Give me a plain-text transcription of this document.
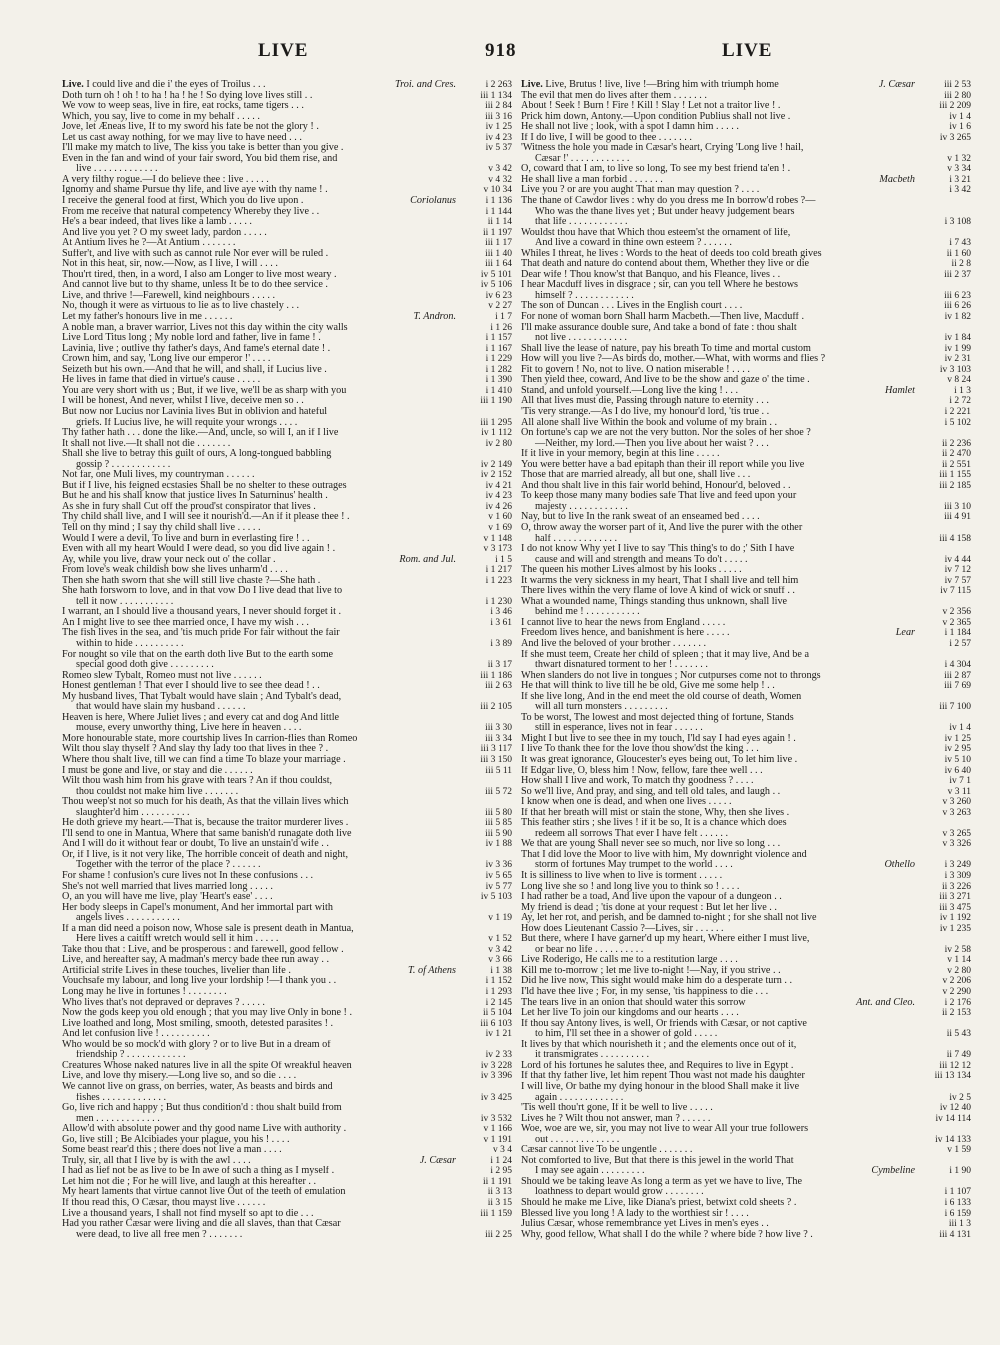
LIVE	918	LIVE
Live. I could live and die i' the eyes of Troilus . . .	Troi. and Cres.	i 2 263
Doth turn oh ! oh ! to ha ! ha ! he ! So dying love lives still . .	iii 1 134
We vow to weep seas, live in fire, eat rocks, tame tigers . . .	iii 2 84
Which, you say, live to come in my behalf . . . . .	iii 3 16
Jove, let Æneas live, If to my sword his fate be not the glory ! .	iv 1 25
Let us cast away nothing, for we may live to have need . . .	iv 4 23
I'll make my match to live, The kiss you take is better than you give .	iv 5 37
Even in the fan and wind of your fair sword, You bid them rise, and
live . . . . . . . . . . . . .	v 3 42
A very filthy rogue.—I do believe thee : live . . . . .	v 4 32
Ignomy and shame Pursue thy life, and live aye with thy name ! .	v 10 34
I receive the general food at first, Which you do live upon .	Coriolanus	i 1 136
From me receive that natural competency Whereby they live . .	i 1 144
He's a bear indeed, that lives like a lamb . . . . .	ii 1 14
And live you yet ? O my sweet lady, pardon . . . . .	ii 1 197
At Antium lives he ?—At Antium . . . . . . .	iii 1 17
Suffer't, and live with such as cannot rule Nor ever will be ruled .	iii 1 40
Not in this heat, sir, now.—Now, as I live, I will . . . .	iii 1 64
Thou'rt tired, then, in a word, I also am Longer to live most weary .	iv 5 101
And cannot live but to thy shame, unless It be to do thee service .	iv 5 106
Live, and thrive !—Farewell, kind neighbours . . . . .	iv 6 23
No, though it were as virtuous to lie as to live chastely . . .	v 2 27
Let my father's honours live in me . . . . . .	T. Andron.	i 1 7
A noble man, a braver warrior, Lives not this day within the city walls	i 1 26
Live Lord Titus long ; My noble lord and father, live in fame ! .	i 1 157
Lavinia, live ; outlive thy father's days, And fame's eternal date ! .	i 1 167
Crown him, and say, 'Long live our emperor !' . . . .	i 1 229
Seizeth but his own.—And that he will, and shall, if Lucius live .	i 1 282
He lives in fame that died in virtue's cause . . . . .	i 1 390
You are very short with us ; But, if we live, we'll be as sharp with you	i 1 410
I will be honest, And never, whilst I live, deceive men so . .	iii 1 190
But now nor Lucius nor Lavinia lives But in oblivion and hateful
griefs. If Lucius live, he will requite your wrongs . . . .	iii 1 295
Thy father hath . . . done the like.—And, uncle, so will I, an if I live	iv 1 112
It shall not live.—It shall not die . . . . . . .	iv 2 80
Shall she live to betray this guilt of ours, A long-tongued babbling
gossip ? . . . . . . . . . . . .	iv 2 149
Not far, one Muli lives, my countryman . . . . . .	iv 2 152
But if I live, his feigned ecstasies Shall be no shelter to these outrages	iv 4 21
But he and his shall know that justice lives In Saturninus' health .	iv 4 23
As she in fury shall Cut off the proud'st conspirator that lives .	iv 4 26
Thy child shall live, and I will see it nourish'd.—An if it please thee ! .	v 1 60
Tell on thy mind ; I say thy child shall live . . . . .	v 1 69
Would I were a devil, To live and burn in everlasting fire ! . .	v 1 148
Even with all my heart Would I were dead, so you did live again ! .	v 3 173
Ay, while you live, draw your neck out o' the collar .	Rom. and Jul.	i 1 5
From love's weak childish bow she lives unharm'd . . . .	i 1 217
Then she hath sworn that she will still live chaste ?—She hath .	i 1 223
She hath forsworn to love, and in that vow Do I live dead that live to
tell it now . . . . . . . . . . .	i 1 230
I warrant, an I should live a thousand years, I never should forget it .	i 3 46
An I might live to see thee married once, I have my wish . . .	i 3 61
The fish lives in the sea, and 'tis much pride For fair without the fair
within to hide . . . . . . . . . .	i 3 89
For nought so vile that on the earth doth live But to the earth some
special good doth give . . . . . . . . .	ii 3 17
Romeo slew Tybalt, Romeo must not live . . . . . .	iii 1 186
Honest gentleman ! That ever I should live to see thee dead ! . .	iii 2 63
My husband lives, That Tybalt would have slain ; And Tybalt's dead,
that would have slain my husband . . . . . .	iii 2 105
Heaven is here, Where Juliet lives ; and every cat and dog And little
mouse, every unworthy thing, Live here in heaven . . . .	iii 3 30
More honourable state, more courtship lives In carrion-flies than Romeo	iii 3 34
Wilt thou slay thyself ? And slay thy lady too that lives in thee ? .	iii 3 117
Where thou shalt live, till we can find a time To blaze your marriage .	iii 3 150
I must be gone and live, or stay and die . . . . . .	iii 5 11
Wilt thou wash him from his grave with tears ? An if thou couldst,
thou couldst not make him live . . . . . . .	iii 5 72
Thou weep'st not so much for his death, As that the villain lives which
slaughter'd him . . . . . . . . . .	iii 5 80
He doth grieve my heart.—That is, because the traitor murderer lives .	iii 5 85
I'll send to one in Mantua, Where that same banish'd runagate doth live	iii 5 90
And I will do it without fear or doubt, To live an unstain'd wife . .	iv 1 88
Or, if I live, is it not very like, The horrible conceit of death and night,
Together with the terror of the place ? . . . . . .	iv 3 36
For shame ! confusion's cure lives not In these confusions . . .	iv 5 65
She's not well married that lives married long . . . . .	iv 5 77
O, an you will have me live, play 'Heart's ease' . . . .	iv 5 103
Her body sleeps in Capel's monument, And her immortal part with
angels lives . . . . . . . . . . .	v 1 19
If a man did need a poison now, Whose sale is present death in Mantua,
Here lives a caitiff wretch would sell it him . . . . .	v 1 52
Take thou that : Live, and be prosperous : and farewell, good fellow .	v 3 42
Live, and hereafter say, A madman's mercy bade thee run away . .	v 3 66
Artificial strife Lives in these touches, livelier than life .	T. of Athens	i 1 38
Vouchsafe my labour, and long live your lordship !—I thank you . .	i 1 152
Long may he live in fortunes ! . . . . . . . .	i 1 293
Who lives that's not depraved or depraves ? . . . . .	i 2 145
Now the gods keep you old enough ; that you may live Only in bone ! .	ii 5 104
Live loathed and long, Most smiling, smooth, detested parasites ! .	iii 6 103
And let confusion live ! . . . . . . . . . .	iv 1 21
Who would be so mock'd with glory ? or to live But in a dream of
friendship ? . . . . . . . . . . . .	iv 2 33
Creatures Whose naked natures live in all the spite Of wreakful heaven	iv 3 228
Live, and love thy misery.—Long live so, and so die . . . .	iv 3 396
We cannot live on grass, on berries, water, As beasts and birds and
fishes . . . . . . . . . . . . .	iv 3 425
Go, live rich and happy ; But thus condition'd : thou shalt build from
men . . . . . . . . . . . . .	iv 3 532
Allow'd with absolute power and thy good name Live with authority .	v 1 166
Go, live still ; Be Alcibiades your plague, you his ! . . . .	v 1 191
Some beast rear'd this ; there does not live a man . . . .	v 3 4
Truly, sir, all that I live by is with the awl . . . .	J. Cæsar	i 1 24
I had as lief not be as live to be In awe of such a thing as I myself .	i 2 95
Let him not die ; For he will live, and laugh at this hereafter . .	ii 1 191
My heart laments that virtue cannot live Out of the teeth of emulation	ii 3 13
If thou read this, O Cæsar, thou mayst live . . . . . .	ii 3 15
Live a thousand years, I shall not find myself so apt to die . . .	iii 1 159
Had you rather Cæsar were living and die all slaves, than that Cæsar
were dead, to live all free men ? . . . . . . .	iii 2 25
Live. Live, Brutus ! live, live !—Bring him with triumph home	J. Cæsar	iii 2 53
The evil that men do lives after them . . . . . . .	iii 2 80
About ! Seek ! Burn ! Fire ! Kill ! Slay ! Let not a traitor live ! .	iii 2 209
Prick him down, Antony.—Upon condition Publius shall not live .	iv 1 4
He shall not live ; look, with a spot I damn him . . . . .	iv 1 6
If I do live, I will be good to thee . . . . . . .	iv 3 265
'Witness the hole you made in Cæsar's heart, Crying 'Long live ! hail,
Cæsar !' . . . . . . . . . . . .	v 1 32
O, coward that I am, to live so long, To see my best friend ta'en ! .	v 3 34
He shall live a man forbid . . . . . . .	Macbeth	i 3 21
Live you ? or are you aught That man may question ? . . . .	i 3 42
The thane of Cawdor lives : why do you dress me In borrow'd robes ?—
Who was the thane lives yet ; But under heavy judgement bears
that life . . . . . . . . . . . .	i 3 108
Wouldst thou have that Which thou esteem'st the ornament of life,
And live a coward in thine own esteem ? . . . . . .	i 7 43
Whiles I threat, he lives : Words to the heat of deeds too cold breath gives	ii 1 60
That death and nature do contend about them, Whether they live or die	ii 2 8
Dear wife ! Thou know'st that Banquo, and his Fleance, lives . .	iii 2 37
I hear Macduff lives in disgrace ; sir, can you tell Where he bestows
himself ? . . . . . . . . . . . .	iii 6 23
The son of Duncan . . . Lives in the English court . . . .	iii 6 26
For none of woman born Shall harm Macbeth.—Then live, Macduff .	iv 1 82
I'll make assurance double sure, And take a bond of fate : thou shalt
not live . . . . . . . . . . . .	iv 1 84
Shall live the lease of nature, pay his breath To time and mortal custom	iv 1 99
How will you live ?—As birds do, mother.—What, with worms and flies ?	iv 2 31
Fit to govern ! No, not to live. O nation miserable ! . . . .	iv 3 103
Then yield thee, coward, And live to be the show and gaze o' the time .	v 8 24
Stand, and unfold yourself.—Long live the king ! . . .	Hamlet	i 1 3
All that lives must die, Passing through nature to eternity . . .	i 2 72
'Tis very strange.—As I do live, my honour'd lord, 'tis true . .	i 2 221
All alone shall live Within the book and volume of my brain . .	i 5 102
On fortune's cap we are not the very button. Nor the soles of her shoe ?
—Neither, my lord.—Then you live about her waist ? . . .	ii 2 236
If it live in your memory, begin at this line . . . . .	ii 2 470
You were better have a bad epitaph than their ill report while you live	ii 2 551
Those that are married already, all but one, shall live . . .	iii 1 155
And thou shalt live in this fair world behind, Honour'd, beloved . .	iii 2 185
To keep those many many bodies safe That live and feed upon your
majesty . . . . . . . . . . . .	iii 3 10
Nay, but to live In the rank sweat of an enseamed bed . . . .	iii 4 91
O, throw away the worser part of it, And live the purer with the other
half . . . . . . . . . . . . .	iii 4 158
I do not know Why yet I live to say 'This thing's to do ;' Sith I have
cause and will and strength and means To do't . . . . .	iv 4 44
The queen his mother Lives almost by his looks . . . . .	iv 7 12
It warms the very sickness in my heart, That I shall live and tell him	iv 7 57
There lives within the very flame of love A kind of wick or snuff . .	iv 7 115
What a wounded name, Things standing thus unknown, shall live
behind me ! . . . . . . . . . . .	v 2 356
I cannot live to hear the news from England . . . . .	v 2 365
Freedom lives hence, and banishment is here . . . . .	Lear	i 1 184
And live the beloved of your brother . . . . . . .	i 2 57
If she must teem, Create her child of spleen ; that it may live, And be a
thwart disnatured torment to her ! . . . . . . .	i 4 304
When slanders do not live in tongues ; Nor cutpurses come not to throngs	iii 2 87
He that will think to live till he be old, Give me some help ! . .	iii 7 69
If she live long, And in the end meet the old course of death, Women
will all turn monsters . . . . . . . . .	iii 7 100
To be worst, The lowest and most dejected thing of fortune, Stands
still in esperance, lives not in fear . . . . . .	iv 1 4
Might I but live to see thee in my touch, I'ld say I had eyes again ! .	iv 1 25
I live To thank thee for the love thou show'dst the king . . .	iv 2 95
It was great ignorance, Gloucester's eyes being out, To let him live .	iv 5 10
If Edgar live, O, bless him ! Now, fellow, fare thee well . . .	iv 6 40
How shall I live and work, To match thy goodness ? . . . .	iv 7 1
So we'll live, And pray, and sing, and tell old tales, and laugh . .	v 3 11
I know when one is dead, and when one lives . . . . .	v 3 260
If that her breath will mist or stain the stone, Why, then she lives .	v 3 263
This feather stirs ; she lives ! if it be so, It is a chance which does
redeem all sorrows That ever I have felt . . . . . .	v 3 265
We that are young Shall never see so much, nor live so long . . .	v 3 326
That I did love the Moor to live with him, My downright violence and
storm of fortunes May trumpet to the world . . . .	Othello	i 3 249
It is silliness to live when to live is torment . . . . .	i 3 309
Long live she so ! and long live you to think so ! . . . .	ii 3 226
I had rather be a toad, And live upon the vapour of a dungeon . .	iii 3 271
My friend is dead ; 'tis done at your request : But let her live . .	iii 3 475
Ay, let her rot, and perish, and be damned to-night ; for she shall not live	iv 1 192
How does Lieutenant Cassio ?—Lives, sir . . . . . .	iv 1 235
But there, where I have garner'd up my heart, Where either I must live,
or bear no life . . . . . . . . . .	iv 2 58
Live Roderigo, He calls me to a restitution large . . . .	v 1 14
Kill me to-morrow ; let me live to-night !—Nay, if you strive . .	v 2 80
Did he live now, This sight would make him do a desperate turn . .	v 2 206
I'ld have thee live ; For, in my sense, 'tis happiness to die . . .	v 2 290
The tears live in an onion that should water this sorrow	Ant. and Cleo.	i 2 176
Let her live To join our kingdoms and our hearts . . . .	ii 2 153
If thou say Antony lives, is well, Or friends with Cæsar, or not captive
to him, I'll set thee in a shower of gold . . . . .	ii 5 43
It lives by that which nourisheth it ; and the elements once out of it,
it transmigrates . . . . . . . . . .	ii 7 49
Lord of his fortunes he salutes thee, and Requires to live in Egypt .	iii 12 12
If that thy father live, let him repent Thou wast not made his daughter	iii 13 134
I will live, Or bathe my dying honour in the blood Shall make it live
again . . . . . . . . . . . . .	iv 2 5
'Tis well thou'rt gone, If it be well to live . . . . .	iv 12 40
Lives he ? Wilt thou not answer, man ? . . . . . .	iv 14 114
Woe, woe are we, sir, you may not live to wear All your true followers
out . . . . . . . . . . . . . .	iv 14 133
Cæsar cannot live To be ungentle . . . . . . .	v 1 59
Not comforted to live, But that there is this jewel in the world That
I may see again . . . . . . . . .	Cymbeline	i 1 90
Should we be taking leave As long a term as yet we have to live, The
loathness to depart would grow . . . . . . . .	i 1 107
Should he make me Live, like Diana's priest, betwixt cold sheets ? .	i 6 133
Blessed live you long ! A lady to the worthiest sir ! . . . .	i 6 159
Julius Cæsar, whose remembrance yet Lives in men's eyes . .	iii 1 3
Why, good fellow, What shall I do the while ? where bide ? how live ? .	iii 4 131
